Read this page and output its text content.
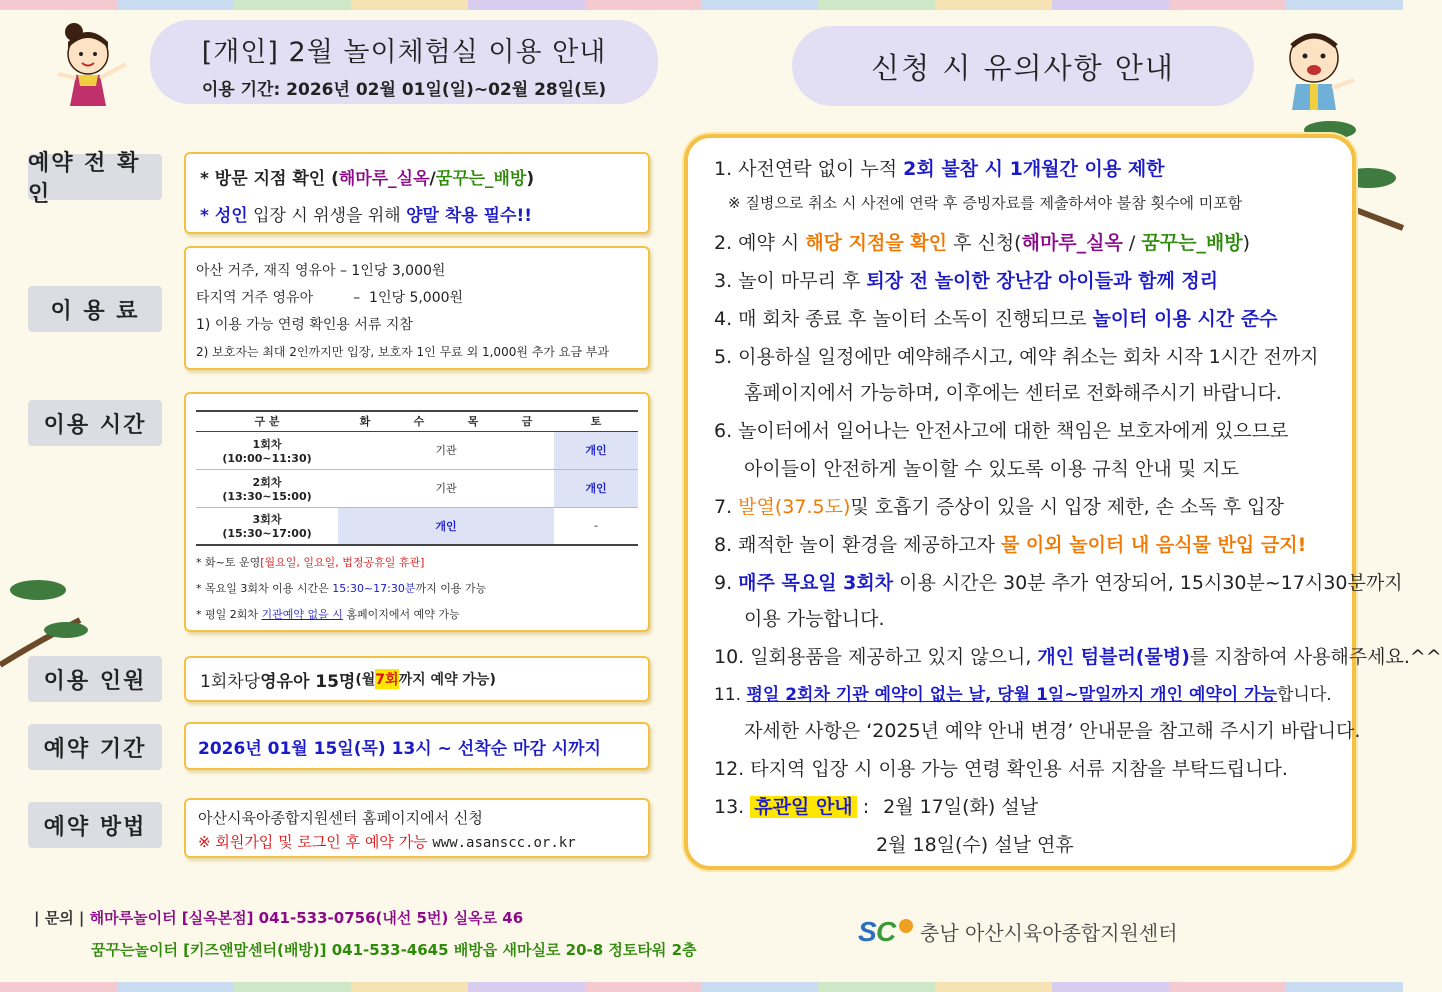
[개인] 2월 놀이체험실 이용 안내
이용 기간: 2026년 02월 01일(일)~02월 28일(토)
신청 시 유의사항 안내
예약 전 확인
* 방문 지점 확인 (해마루_실옥/꿈꾸는_배방)
* 성인 입장 시 위생을 위해 양말 착용 필수!!
이 용 료
아산 거주, 재직 영유아 – 1인당 3,000원
타지역 거주 영유아         –  1인당 5,000원
1) 이용 가능 연령 확인용 서류 지참
2) 보호자는 최대 2인까지만 입장, 보호자 1인 무료 외 1,000원 추가 요금 부과
이용 시간	구 분	화	수	목	금	토
1회차
(10:00~11:30)	기관				개인
2회차
(13:30~15:00)	기관				개인
3회차
(15:30~17:00)	개인				-
* 화~토 운영[월요일, 일요일, 법정공휴일 휴관]
* 목요일 3회차 이용 시간은 15:30~17:30분까지 이용 가능
* 평일 2회차 기관예약 없을 시 홈페이지에서 예약 가능
이용 인원	1회차당 영유아 15명 (월 7회 까지 예약 가능)
예약 기간	2026년 01월 15일(목) 13시 ~ 선착순 마감 시까지
예약 방법	아산시육아종합지원센터 홈페이지에서 신청
※ 회원가입 및 로그인 후 예약 가능 www.asanscc.or.kr
| 문의 | 해마루놀이터 [실옥본점] 041-533-0756(내선 5번) 실옥로 46
꿈꾸는놀이터 [키즈앤맘센터(배방)] 041-533-4645 배방읍 새마실로 20-8 정토타워 2층
S C 충남 아산시육아종합지원센터
1. 사전연락 없이 누적 2회 불참 시 1개월간 이용 제한
※ 질병으로 취소 시 사전에 연락 후 증빙자료를 제출하셔야 불참 횟수에 미포함
2. 예약 시 해당 지점을 확인 후 신청(해마루_실옥 / 꿈꾸는_배방)
3. 놀이 마무리 후 퇴장 전 놀이한 장난감 아이들과 함께 정리
4. 매 회차 종료 후 놀이터 소독이 진행되므로 놀이터 이용 시간 준수
5. 이용하실 일정에만 예약해주시고, 예약 취소는 회차 시작 1시간 전까지
홈페이지에서 가능하며, 이후에는 센터로 전화해주시기 바랍니다.
6. 놀이터에서 일어나는 안전사고에 대한 책임은 보호자에게 있으므로
아이들이 안전하게 놀이할 수 있도록 이용 규칙 안내 및 지도
7. 발열(37.5도)및 호흡기 증상이 있을 시 입장 제한, 손 소독 후 입장
8. 쾌적한 놀이 환경을 제공하고자 물 이외 놀이터 내 음식물 반입 금지!
9. 매주 목요일 3회차 이용 시간은 30분 추가 연장되어, 15시30분~17시30분까지
이용 가능합니다.
10. 일회용품을 제공하고 있지 않으니, 개인 텀블러(물병)를 지참하여 사용해주세요.^^
11. 평일 2회차 기관 예약이 없는 날, 당월 1일~말일까지 개인 예약이 가능합니다.
자세한 사항은 ‘2025년 예약 안내 변경’ 안내문을 참고해 주시기 바랍니다.
12. 타지역 입장 시 이용 가능 연령 확인용 서류 지참을 부탁드립니다.
13. 휴관일 안내 : 2월 17일(화) 설날
2월 18일(수) 설날 연휴
